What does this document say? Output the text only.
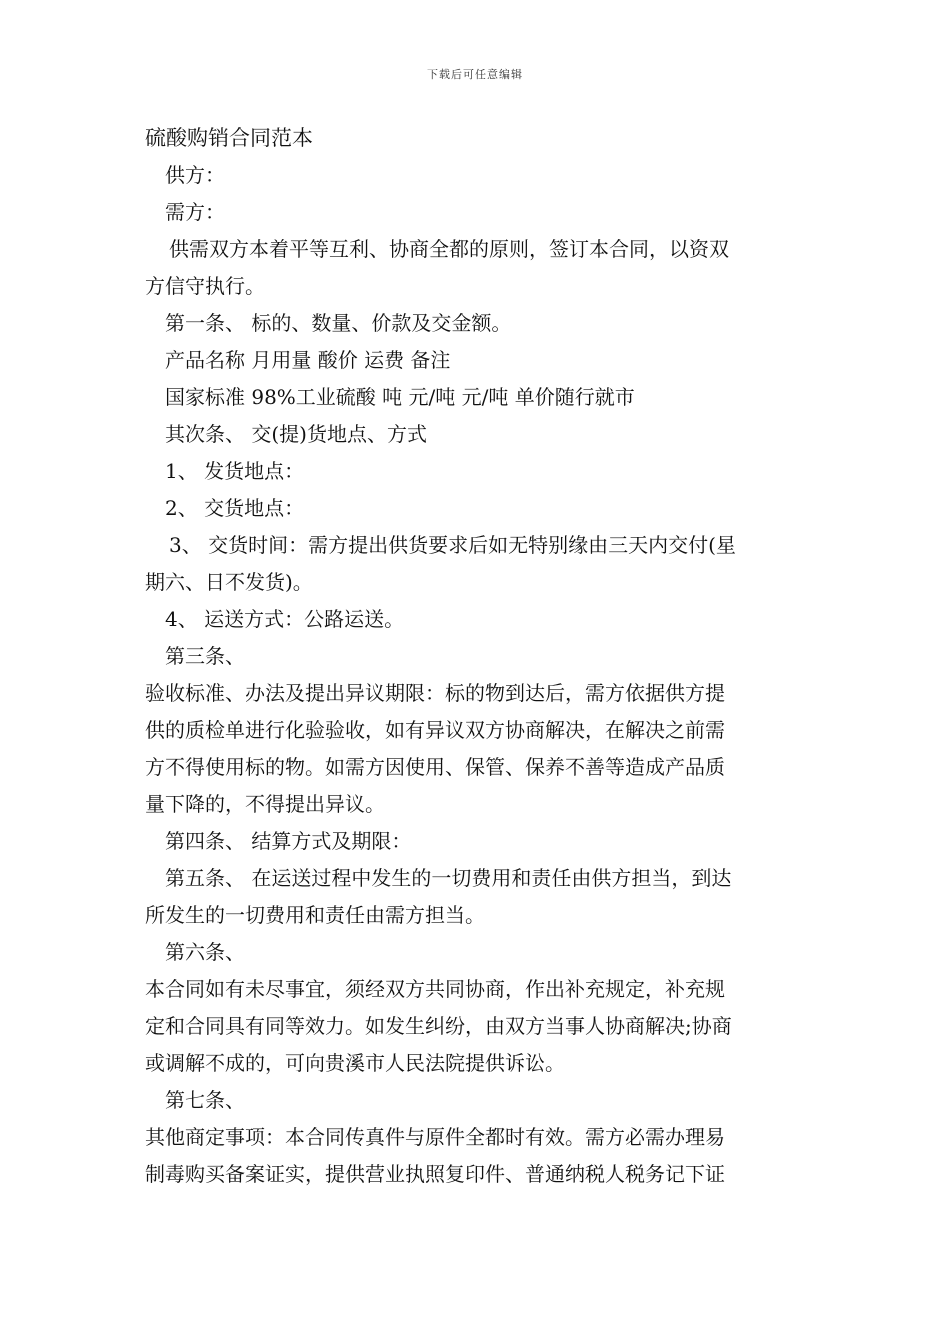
下载后可任意编辑
硫酸购销合同范本
供方：
需方：
供需双方本着平等互利、协商全都的原则，签订本合同，以资双
方信守执行。
第一条、 标的、数量、价款及交金额。
产品名称 月用量 酸价 运费 备注
国家标准 98%工业硫酸 吨 元/吨 元/吨 单价随行就市
其次条、 交(提)货地点、方式
1、 发货地点：
2、 交货地点：
3、 交货时间：需方提出供货要求后如无特别缘由三天内交付(星
期六、日不发货)。
4、 运送方式：公路运送。
第三条、
验收标准、办法及提出异议期限：标的物到达后，需方依据供方提
供的质检单进行化验验收，如有异议双方协商解决，在解决之前需
方不得使用标的物。如需方因使用、保管、保养不善等造成产品质
量下降的，不得提出异议。
第四条、 结算方式及期限：
第五条、 在运送过程中发生的一切费用和责任由供方担当，到达
所发生的一切费用和责任由需方担当。
第六条、
本合同如有未尽事宜，须经双方共同协商，作出补充规定，补充规
定和合同具有同等效力。如发生纠纷，由双方当事人协商解决;协商
或调解不成的，可向贵溪市人民法院提供诉讼。
第七条、
其他商定事项：本合同传真件与原件全都时有效。需方必需办理易
制毒购买备案证实，提供营业执照复印件、普通纳税人税务记下证
